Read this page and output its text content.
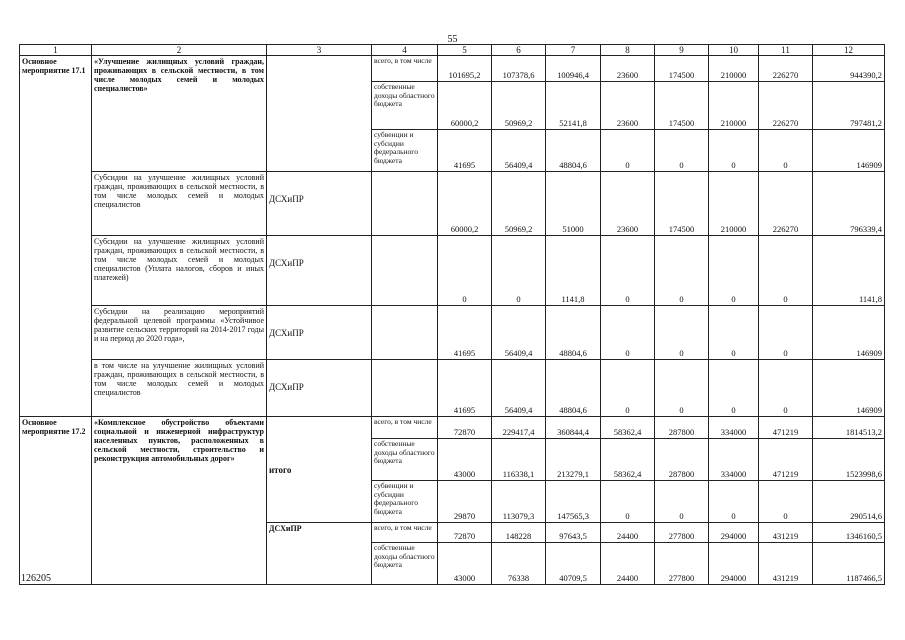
55
1	2	3	4	5	6	7	8	9	10	11	12
Основное мероприятие 17.1	«Улучшение жилищных условий граждан, проживающих в сельской местности, в том числе молодых семей и молодых специалистов»		всего, в том числе	101695,2	107378,6	100946,4	23600	174500	210000	226270	944390,2
			собственные доходы областного бюджета	60000,2	50969,2	52141,8	23600	174500	210000	226270	797481,2
			субвенции и субсидии федерального бюджета	41695	56409,4	48804,6	0	0	0	0	146909
	Субсидии на улучшение жилищных условий граждан, проживающих в сельской местности, в том числе молодых семей и молодых специалистов	ДСХиПР		60000,2	50969,2	51000	23600	174500	210000	226270	796339,4
	Субсидии на улучшение жилищных условий граждан, проживающих в сельской местности, в том числе молодых семей и молодых специалистов (Уплата налогов, сборов и иных платежей)	ДСХиПР		0	0	1141,8	0	0	0	0	1141,8
	Субсидии на реализацию мероприятий федеральной целевой программы «Устойчивое развитие сельских территорий на 2014-2017 годы и на период до 2020 года»,	ДСХиПР		41695	56409,4	48804,6	0	0	0	0	146909
	в том числе на улучшение жилищных условий граждан, проживающих в сельской местности, в том числе молодых семей и молодых специалистов	ДСХиПР		41695	56409,4	48804,6	0	0	0	0	146909
Основное мероприятие 17.2	«Комплексное обустройство объектами социальной и инженерной инфраструктур населенных пунктов, расположенных в сельской местности, строительство и реконструкция автомобильных дорог»	итого	всего, в том числе	72870	229417,4	360844,4	58362,4	287800	334000	471219	1814513,2
			собственные доходы областного бюджета	43000	116338,1	213279,1	58362,4	287800	334000	471219	1523998,6
			субвенции и субсидии федерального бюджета	29870	113079,3	147565,3	0	0	0	0	290514,6
		ДСХиПР	всего, в том числе	72870	148228	97643,5	24400	277800	294000	431219	1346160,5
			собственные доходы областного бюджета	43000	76338	40709,5	24400	277800	294000	431219	1187466,5
126205
